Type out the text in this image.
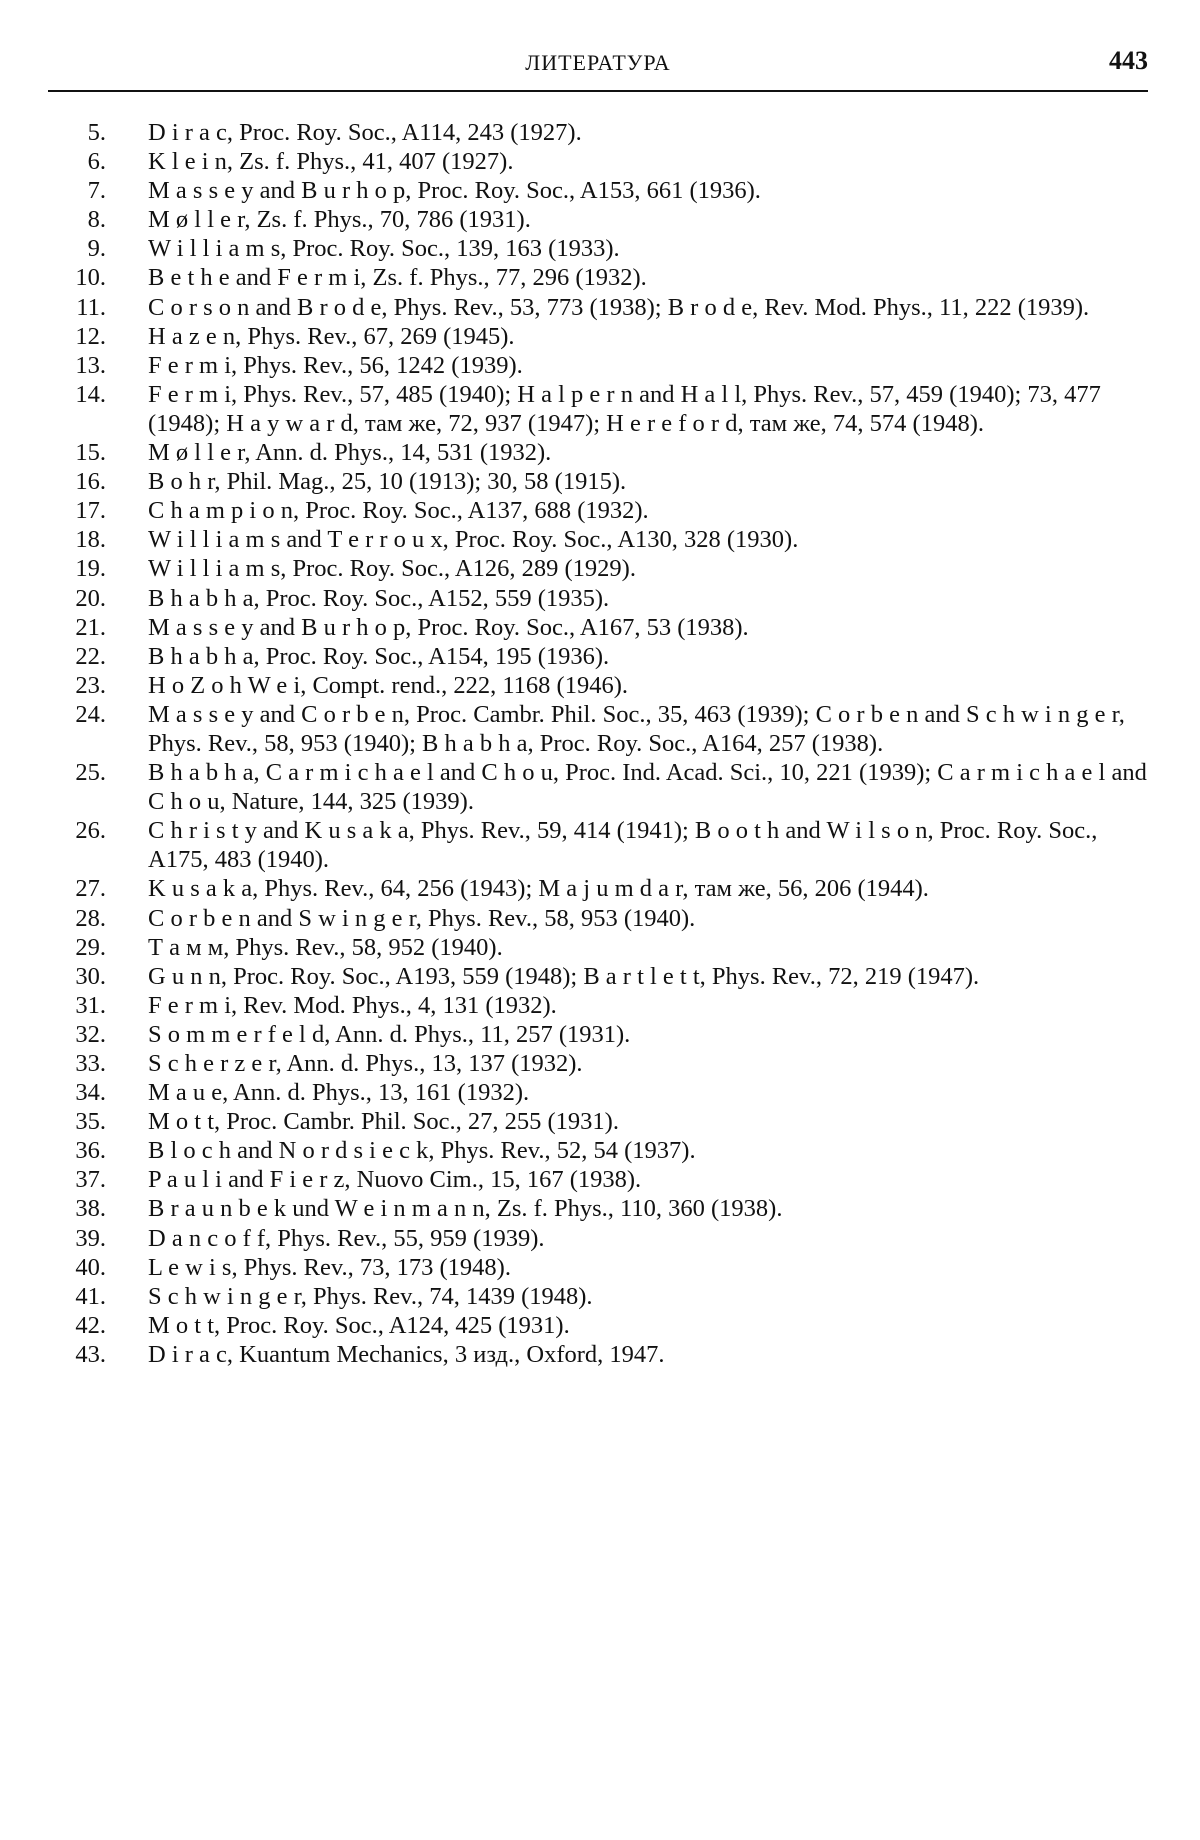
ЛИТЕРАТУРА	443
5. D i r a c, Proc. Roy. Soc., A114, 243 (1927).
6. K l e i n, Zs. f. Phys., 41, 407 (1927).
7. M a s s e y and B u r h o p, Proc. Roy. Soc., A153, 661 (1936).
8. M ø l l e r, Zs. f. Phys., 70, 786 (1931).
9. W i l l i a m s, Proc. Roy. Soc., 139, 163 (1933).
10. B e t h e and F e r m i, Zs. f. Phys., 77, 296 (1932).
11. C o r s o n and B r o d e, Phys. Rev., 53, 773 (1938); B r o d e, Rev. Mod. Phys., 11, 222 (1939).
12. H a z e n, Phys. Rev., 67, 269 (1945).
13. F e r m i, Phys. Rev., 56, 1242 (1939).
14. F e r m i, Phys. Rev., 57, 485 (1940); H a l p e r n and H a l l, Phys. Rev., 57, 459 (1940); 73, 477 (1948); H a y w a r d, там же, 72, 937 (1947); H e r e f o r d, там же, 74, 574 (1948).
15. M ø l l e r, Ann. d. Phys., 14, 531 (1932).
16. B o h r, Phil. Mag., 25, 10 (1913); 30, 58 (1915).
17. C h a m p i o n, Proc. Roy. Soc., A137, 688 (1932).
18. W i l l i a m s and T e r r o u x, Proc. Roy. Soc., A130, 328 (1930).
19. W i l l i a m s, Proc. Roy. Soc., A126, 289 (1929).
20. B h a b h a, Proc. Roy. Soc., A152, 559 (1935).
21. M a s s e y and B u r h o p, Proc. Roy. Soc., A167, 53 (1938).
22. B h a b h a, Proc. Roy. Soc., A154, 195 (1936).
23. H o Z o h W e i, Compt. rend., 222, 1168 (1946).
24. M a s s e y and C o r b e n, Proc. Cambr. Phil. Soc., 35, 463 (1939); C o r b e n and S c h w i n g e r, Phys. Rev., 58, 953 (1940); B h a b h a, Proc. Roy. Soc., A164, 257 (1938).
25. B h a b h a, C a r m i c h a e l and C h o u, Proc. Ind. Acad. Sci., 10, 221 (1939); C a r m i c h a e l and C h o u, Nature, 144, 325 (1939).
26. C h r i s t y and K u s a k a, Phys. Rev., 59, 414 (1941); B o o t h and W i l s o n, Proc. Roy. Soc., A175, 483 (1940).
27. K u s a k a, Phys. Rev., 64, 256 (1943); M a j u m d a r, там же, 56, 206 (1944).
28. C o r b e n and S w i n g e r, Phys. Rev., 58, 953 (1940).
29. Т а м м, Phys. Rev., 58, 952 (1940).
30. G u n n, Proc. Roy. Soc., A193, 559 (1948); B a r t l e t t, Phys. Rev., 72, 219 (1947).
31. F e r m i, Rev. Mod. Phys., 4, 131 (1932).
32. S o m m e r f e l d, Ann. d. Phys., 11, 257 (1931).
33. S c h e r z e r, Ann. d. Phys., 13, 137 (1932).
34. M a u e, Ann. d. Phys., 13, 161 (1932).
35. M o t t, Proc. Cambr. Phil. Soc., 27, 255 (1931).
36. B l o c h and N o r d s i e c k, Phys. Rev., 52, 54 (1937).
37. P a u l i and F i e r z, Nuovo Cim., 15, 167 (1938).
38. B r a u n b e k und W e i n m a n n, Zs. f. Phys., 110, 360 (1938).
39. D a n c o f f, Phys. Rev., 55, 959 (1939).
40. L e w i s, Phys. Rev., 73, 173 (1948).
41. S c h w i n g e r, Phys. Rev., 74, 1439 (1948).
42. M o t t, Proc. Roy. Soc., A124, 425 (1931).
43. D i r a c, Kuantum Mechanics, 3 изд., Oxford, 1947.
